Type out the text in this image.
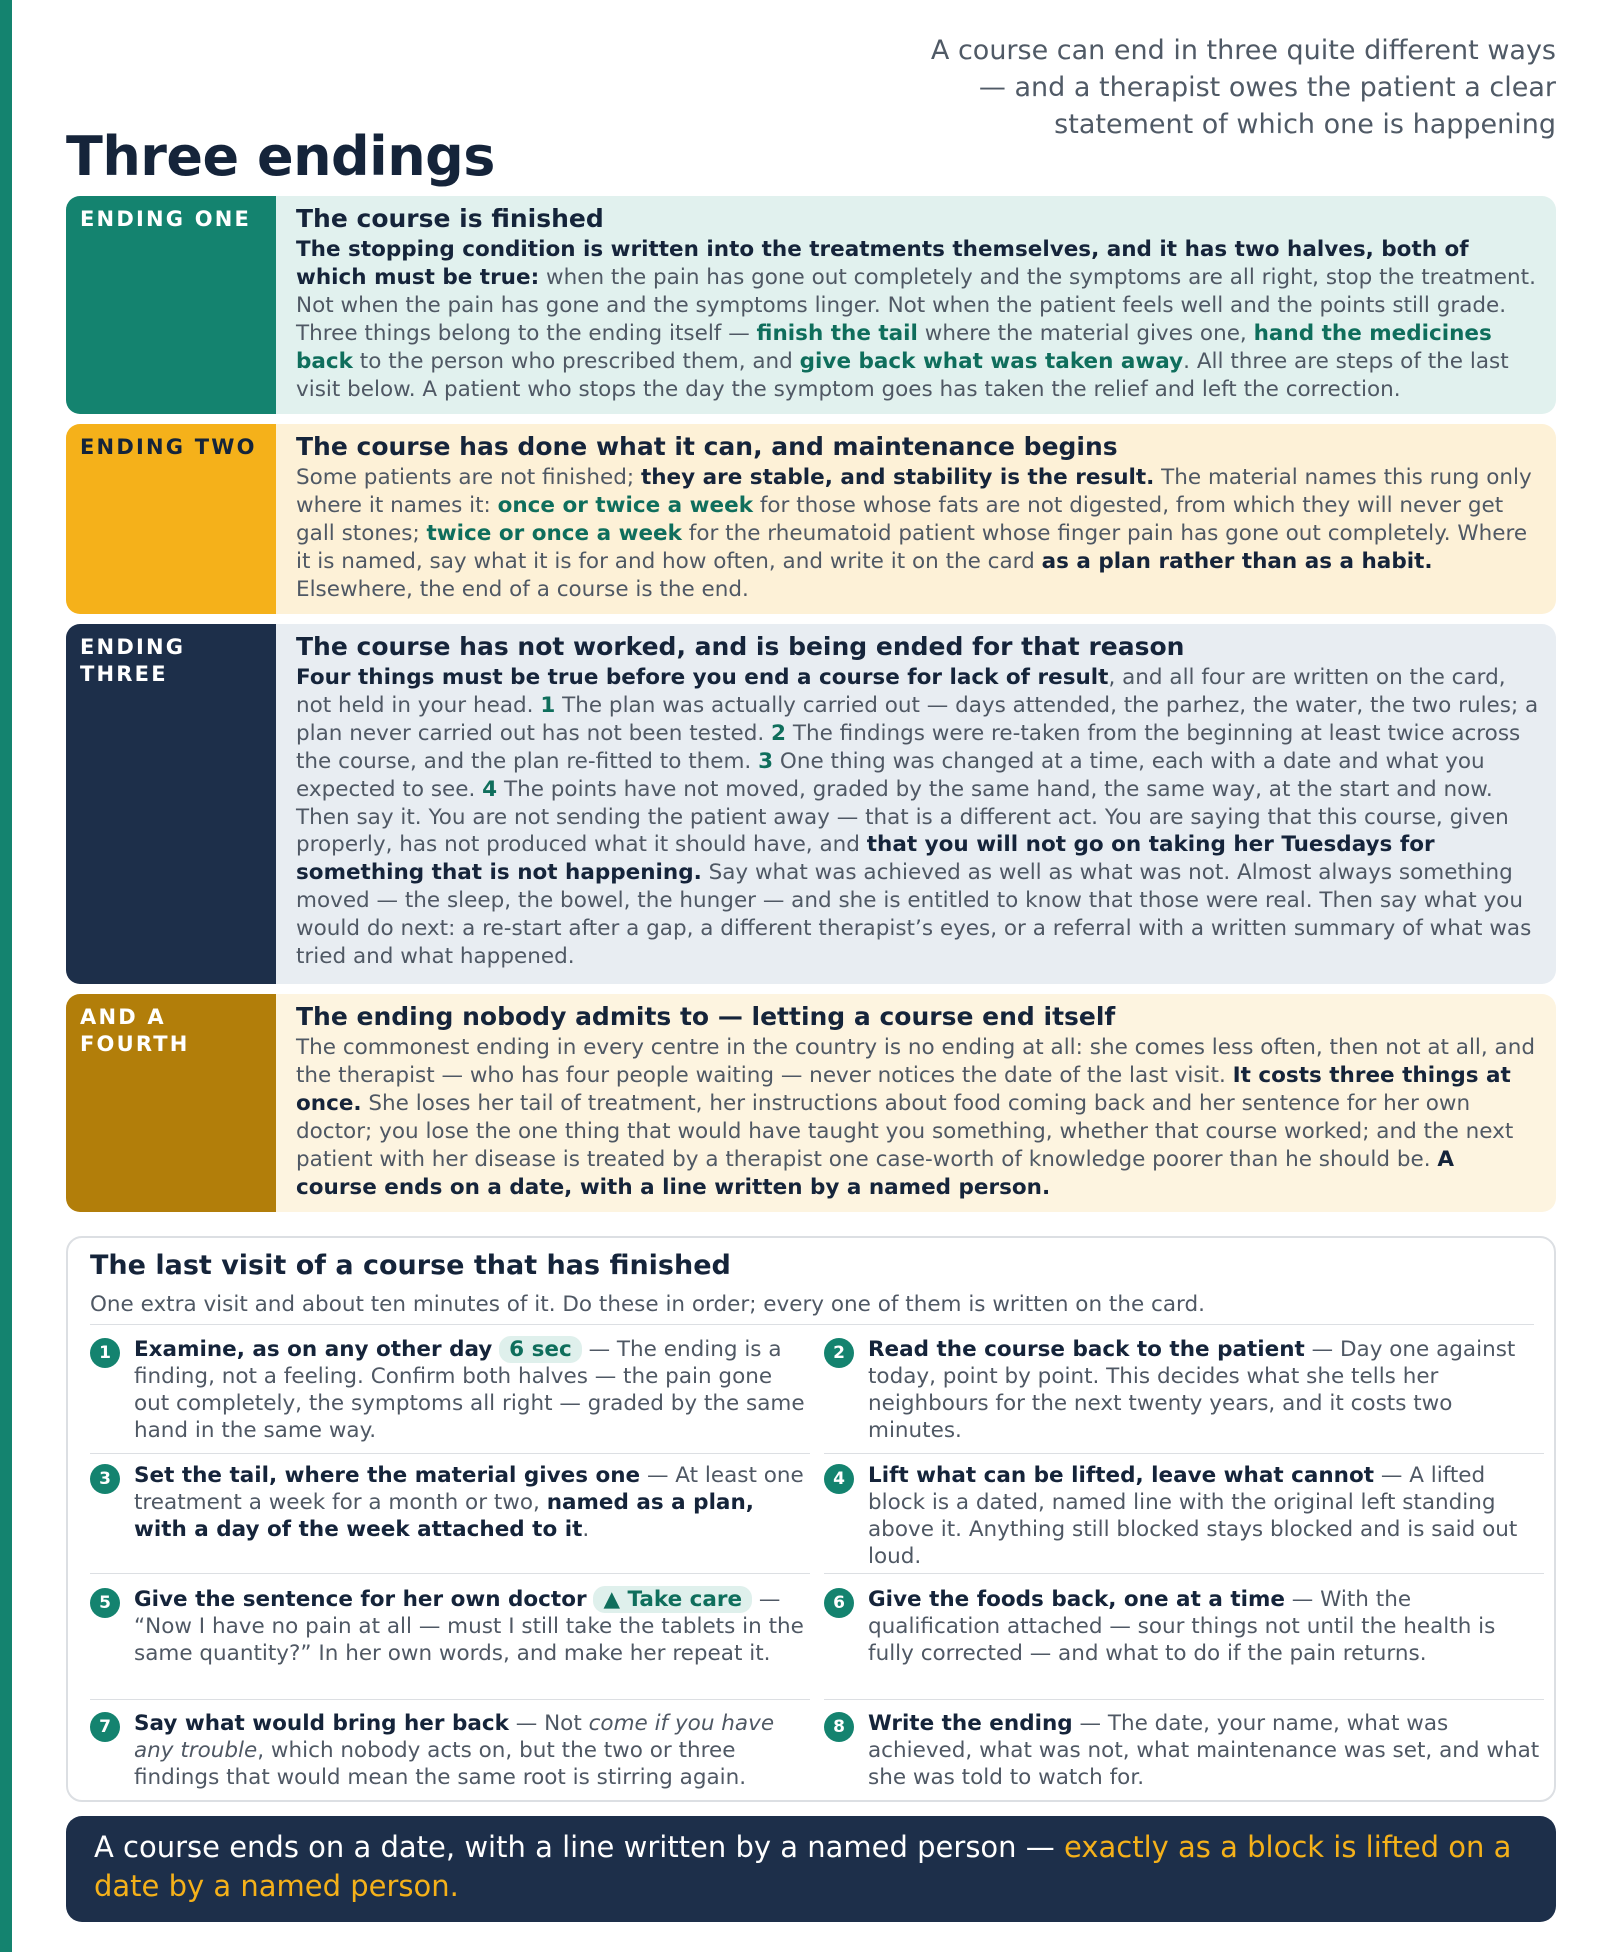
Three endings

A course can end in three quite different ways — and a therapist owes the patient a clear statement of which one is happening

ENDING ONE	The course is finished
The stopping condition is written into the treatments themselves, and it has two halves, both of which must be true: when the pain has gone out completely and the symptoms are all right, stop the treatment. Not when the pain has gone and the symptoms linger. Not when the patient feels well and the points still grade. Three things belong to the ending itself — finish the tail where the material gives one, hand the medicines back to the person who prescribed them, and give back what was taken away. All three are steps of the last visit below. A patient who stops the day the symptom goes has taken the relief and left the correction.
ENDING TWO	The course has done what it can, and maintenance begins
Some patients are not finished; they are stable, and stability is the result. The material names this rung only where it names it: once or twice a week for those whose fats are not digested, from which they will never get gall stones; twice or once a week for the rheumatoid patient whose finger pain has gone out completely. Where it is named, say what it is for and how often, and write it on the card as a plan rather than as a habit. Elsewhere, the end of a course is the end.
ENDING THREE
The course has not worked, and is being ended for that reason
Four things must be true before you end a course for lack of result, and all four are written on the card, not held in your head. 1 The plan was actually carried out — days attended, the parhez, the water, the two rules; a plan never carried out has not been tested. 2 The findings were re-taken from the beginning at least twice across the course, and the plan re-fitted to them. 3 One thing was changed at a time, each with a date and what you expected to see. 4 The points have not moved, graded by the same hand, the same way, at the start and now. Then say it. You are not sending the patient away — that is a different act. You are saying that this course, given properly, has not produced what it should have, and that you will not go on taking her Tuesdays for something that is not happening. Say what was achieved as well as what was not. Almost always something moved — the sleep, the bowel, the hunger — and she is entitled to know that those were real. Then say what you would do next: a re-start after a gap, a different therapist’s eyes, or a referral with a written summary of what was tried and what happened.
AND A FOURTH
The ending nobody admits to — letting a course end itself
The commonest ending in every centre in the country is no ending at all: she comes less often, then not at all, and the therapist — who has four people waiting — never notices the date of the last visit. It costs three things at once. She loses her tail of treatment, her instructions about food coming back and her sentence for her own doctor; you lose the one thing that would have taught you something, whether that course worked; and the next patient with her disease is treated by a therapist one case-worth of knowledge poorer than he should be. A course ends on a date, with a line written by a named person.
The last visit of a course that has finished

One extra visit and about ten minutes of it. Do these in order; every one of them is written on the card.

1	Examine, as on any other day 6 sec — The ending is a finding, not a feeling. Confirm both halves — the pain gone out completely, the symptoms all right — graded by the same hand in the same way.
2	Read the course back to the patient — Day one against today, point by point. This decides what she tells her neighbours for the next twenty years, and it costs two minutes.
3	Set the tail, where the material gives one — At least one treatment a week for a month or two, named as a plan, with a day of the week attached to it.
4	Lift what can be lifted, leave what cannot — A lifted block is a dated, named line with the original left standing above it. Anything still blocked stays blocked and is said out loud.
5	Give the sentence for her own doctor ▲ Take care — “Now I have no pain at all — must I still take the tablets in the same quantity?” In her own words, and make her repeat it.
6	Give the foods back, one at a time — With the qualification attached — sour things not until the health is fully corrected — and what to do if the pain returns.
7	Say what would bring her back — Not come if you have any trouble, which nobody acts on, but the two or three findings that would mean the same root is stirring again.
8	Write the ending — The date, your name, what was achieved, what was not, what maintenance was set, and what she was told to watch for.
A course ends on a date, with a line written by a named person — exactly as a block is lifted on a date by a named person.
